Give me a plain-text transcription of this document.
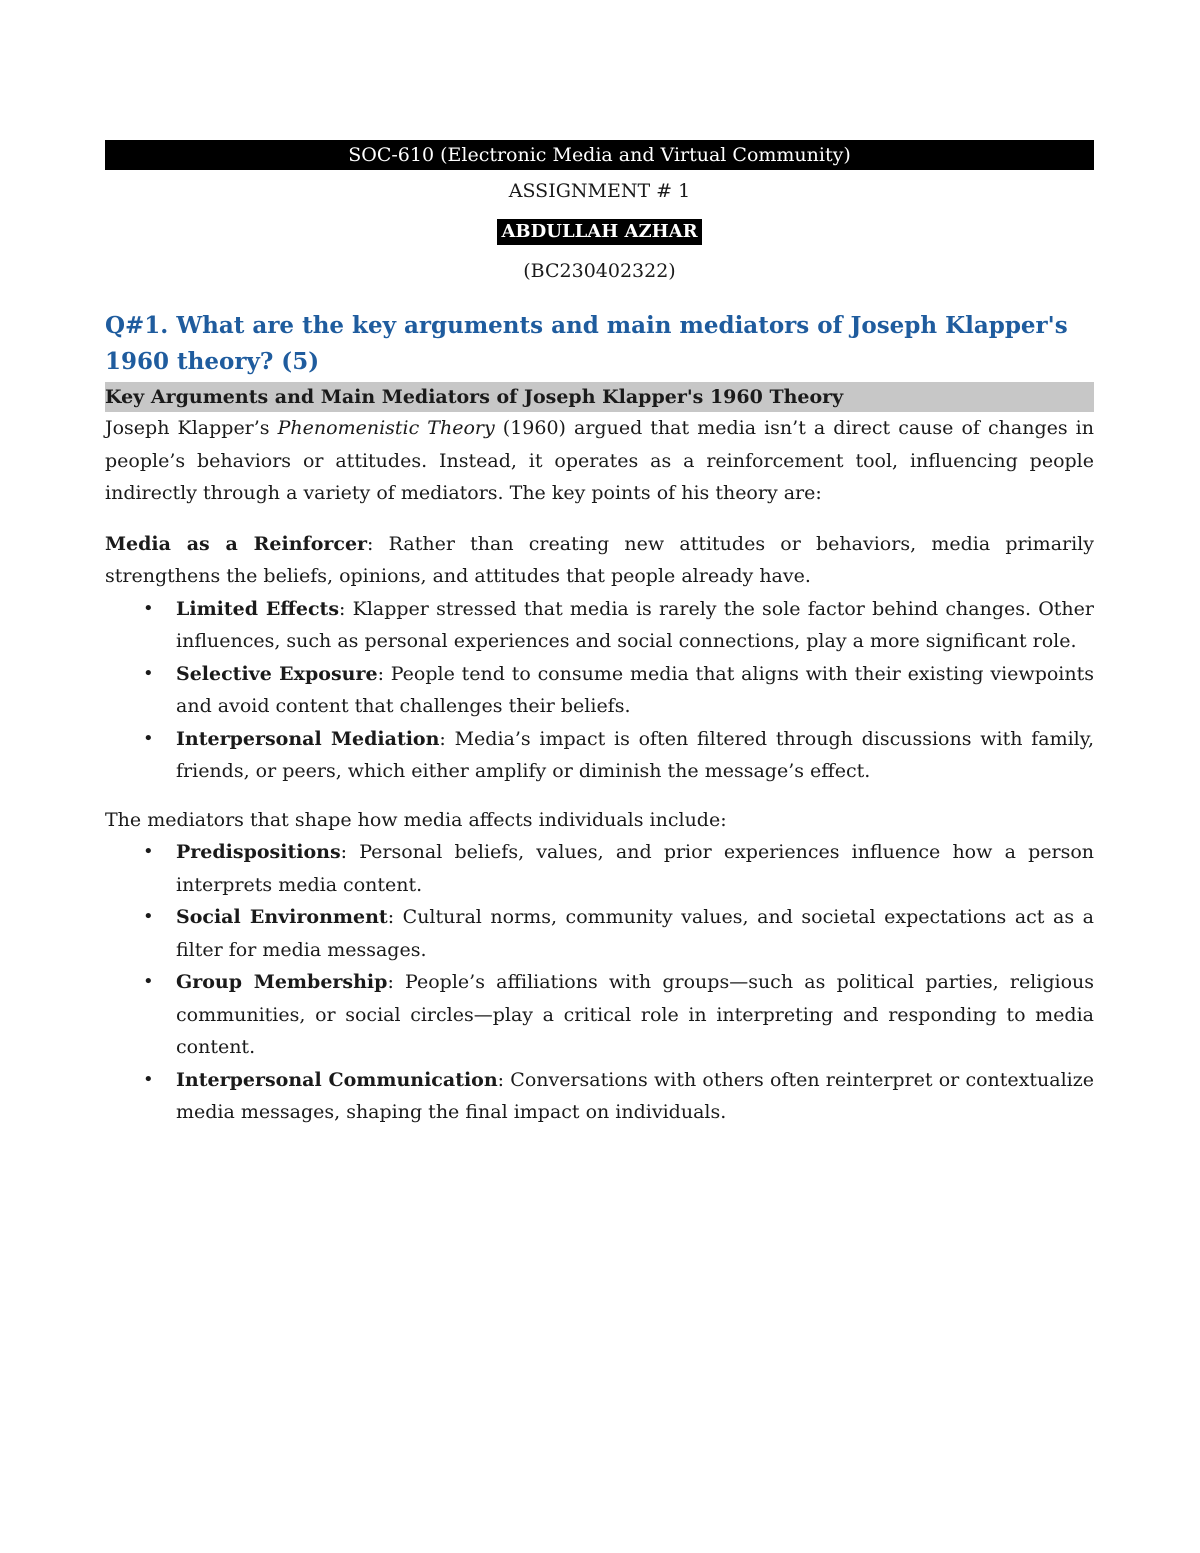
SOC-610 (Electronic Media and Virtual Community)
ASSIGNMENT # 1
ABDULLAH AZHAR
(BC230402322)

Q#1. What are the key arguments and main mediators of Joseph Klapper's 1960 theory? (5)

Key Arguments and Main Mediators of Joseph Klapper's 1960 Theory

Joseph Klapper’s Phenomenistic Theory (1960) argued that media isn’t a direct cause of changes in people’s behaviors or attitudes. Instead, it operates as a reinforcement tool, influencing people indirectly through a variety of mediators. The key points of his theory are:

Media as a Reinforcer: Rather than creating new attitudes or behaviors, media primarily strengthens the beliefs, opinions, and attitudes that people already have.

• Limited Effects: Klapper stressed that media is rarely the sole factor behind changes. Other influences, such as personal experiences and social connections, play a more significant role.
• Selective Exposure: People tend to consume media that aligns with their existing viewpoints and avoid content that challenges their beliefs.
• Interpersonal Mediation: Media’s impact is often filtered through discussions with family, friends, or peers, which either amplify or diminish the message’s effect.

The mediators that shape how media affects individuals include:

• Predispositions: Personal beliefs, values, and prior experiences influence how a person interprets media content.
• Social Environment: Cultural norms, community values, and societal expectations act as a filter for media messages.
• Group Membership: People’s affiliations with groups—such as political parties, religious communities, or social circles—play a critical role in interpreting and responding to media content.
• Interpersonal Communication: Conversations with others often reinterpret or contextualize media messages, shaping the final impact on individuals.
